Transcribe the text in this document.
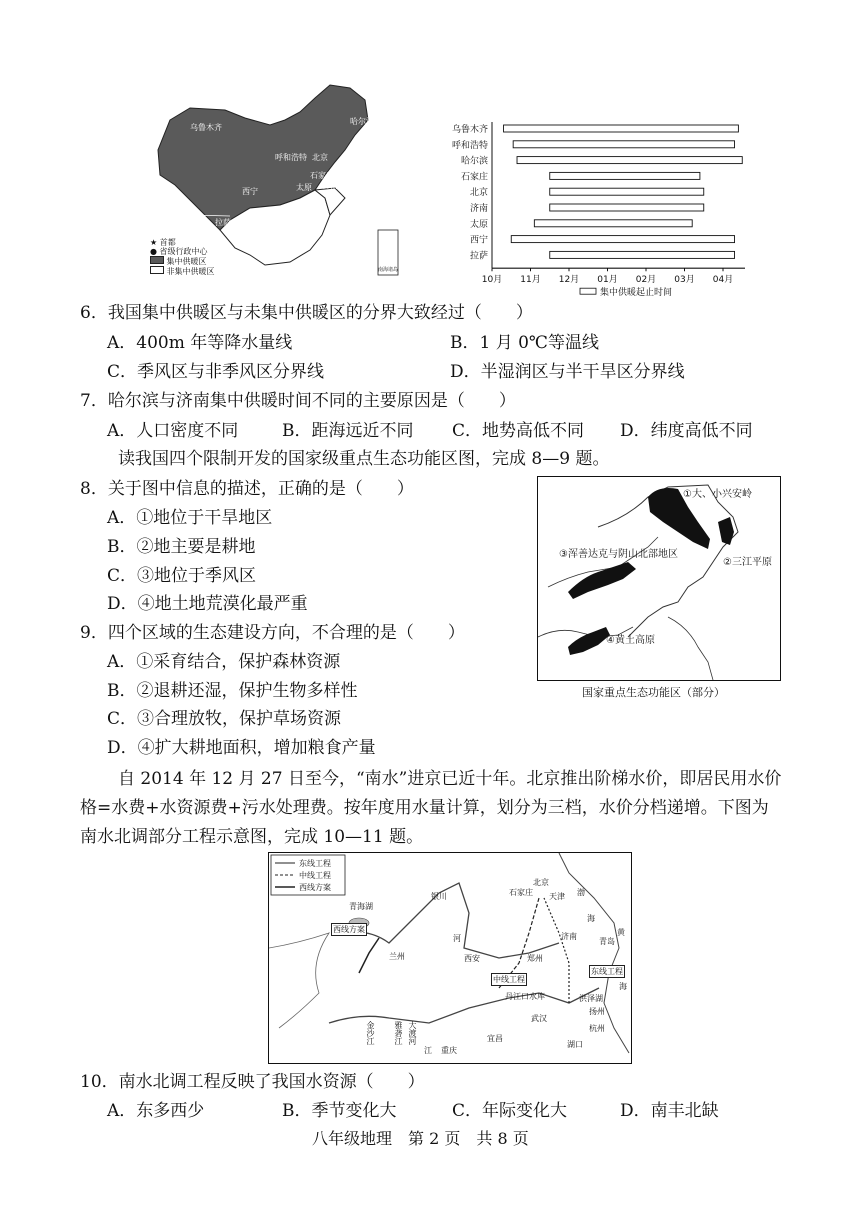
乌鲁木齐
呼和浩特 北京
哈尔滨
石家庄
太原 济南
西宁
拉萨
★ 首都
● 省级行政中心
集中供暖区
非集中供暖区	南海诸岛
乌鲁木齐
呼和浩特
哈尔滨
石家庄
北京
济南
太原
西宁
拉萨
10月 11月 12月 01月 02月 03月 04月
集中供暖起止时间
6．我国集中供暖区与未集中供暖区的分界大致经过（　　）
A．400m 年等降水量线	B．1 月 0℃等温线
C．季风区与非季风区分界线	D．半湿润区与半干旱区分界线
7．哈尔滨与济南集中供暖时间不同的主要原因是（　　）
A．人口密度不同	B．距海远近不同 C．地势高低不同 D．纬度高低不同
读我国四个限制开发的国家级重点生态功能区图，完成 8—9 题。
8．关于图中信息的描述，正确的是（　　）
A．①地位于干旱地区
B．②地主要是耕地
C．③地位于季风区
D．④地土地荒漠化最严重
9．四个区域的生态建设方向，不合理的是（　　）
A．①采育结合，保护森林资源
B．②退耕还湿，保护生物多样性
C．③合理放牧，保护草场资源
D．④扩大耕地面积，增加粮食产量
①大、小兴安岭
②三江平原
③浑善达克与阴山北部地区
④黄土高原
国家重点生态功能区（部分）
自 2014 年 12 月 27 日至今，“南水”进京已近十年。北京推出阶梯水价，即居民用水价
格=水费+水资源费+污水处理费。按年度用水量计算，划分为三档，水价分档递增。下图为
南水北调部分工程示意图，完成 10—11 题。
东线工程
中线工程
西线方案
青海湖
西线方案
银川
兰州	西安
石家庄
北京
天津 渤
海
济南
青岛
黄
郑州
东线工程
海
中线工程
丹江口水库	洪泽湖
扬州
武汉
杭州
宜昌
湖口
重庆
金沙江 雅砻江 大渡河
江
河
10．南水北调工程反映了我国水资源（　　）
A．东多西少	B．季节变化大	C．年际变化大	D．南丰北缺
八年级地理　第 2 页　共 8 页
